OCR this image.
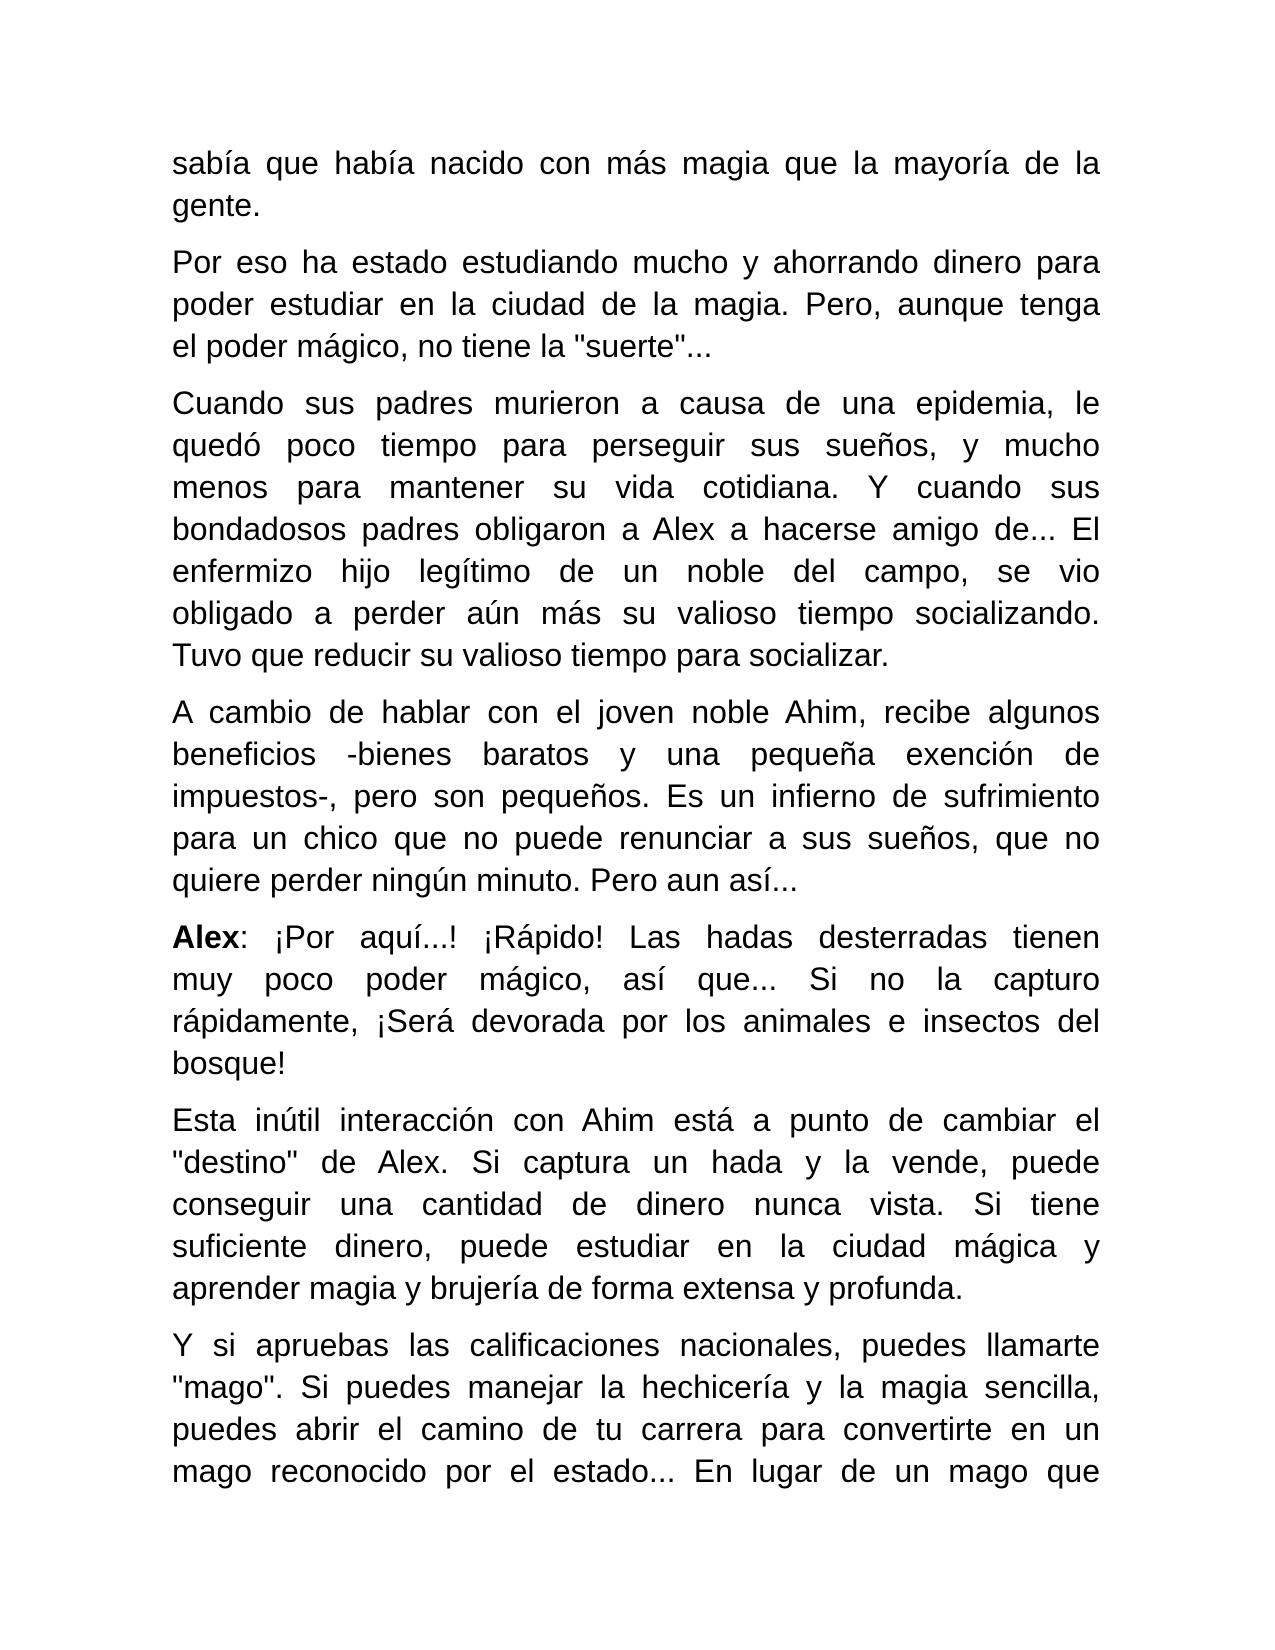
sabía que había nacido con más magia que la mayoría de la
gente.

Por eso ha estado estudiando mucho y ahorrando dinero para
poder estudiar en la ciudad de la magia. Pero, aunque tenga
el poder mágico, no tiene la "suerte"...

Cuando sus padres murieron a causa de una epidemia, le
quedó poco tiempo para perseguir sus sueños, y mucho
menos para mantener su vida cotidiana. Y cuando sus
bondadosos padres obligaron a Alex a hacerse amigo de... El
enfermizo hijo legítimo de un noble del campo, se vio
obligado a perder aún más su valioso tiempo socializando.
Tuvo que reducir su valioso tiempo para socializar.

A cambio de hablar con el joven noble Ahim, recibe algunos
beneficios -bienes baratos y una pequeña exención de
impuestos-, pero son pequeños. Es un infierno de sufrimiento
para un chico que no puede renunciar a sus sueños, que no
quiere perder ningún minuto. Pero aun así...

Alex: ¡Por aquí...! ¡Rápido! Las hadas desterradas tienen
muy poco poder mágico, así que... Si no la capturo
rápidamente, ¡Será devorada por los animales e insectos del
bosque!

Esta inútil interacción con Ahim está a punto de cambiar el
"destino" de Alex. Si captura un hada y la vende, puede
conseguir una cantidad de dinero nunca vista. Si tiene
suficiente dinero, puede estudiar en la ciudad mágica y
aprender magia y brujería de forma extensa y profunda.

Y si apruebas las calificaciones nacionales, puedes llamarte
"mago". Si puedes manejar la hechicería y la magia sencilla,
puedes abrir el camino de tu carrera para convertirte en un
mago reconocido por el estado... En lugar de un mago que
